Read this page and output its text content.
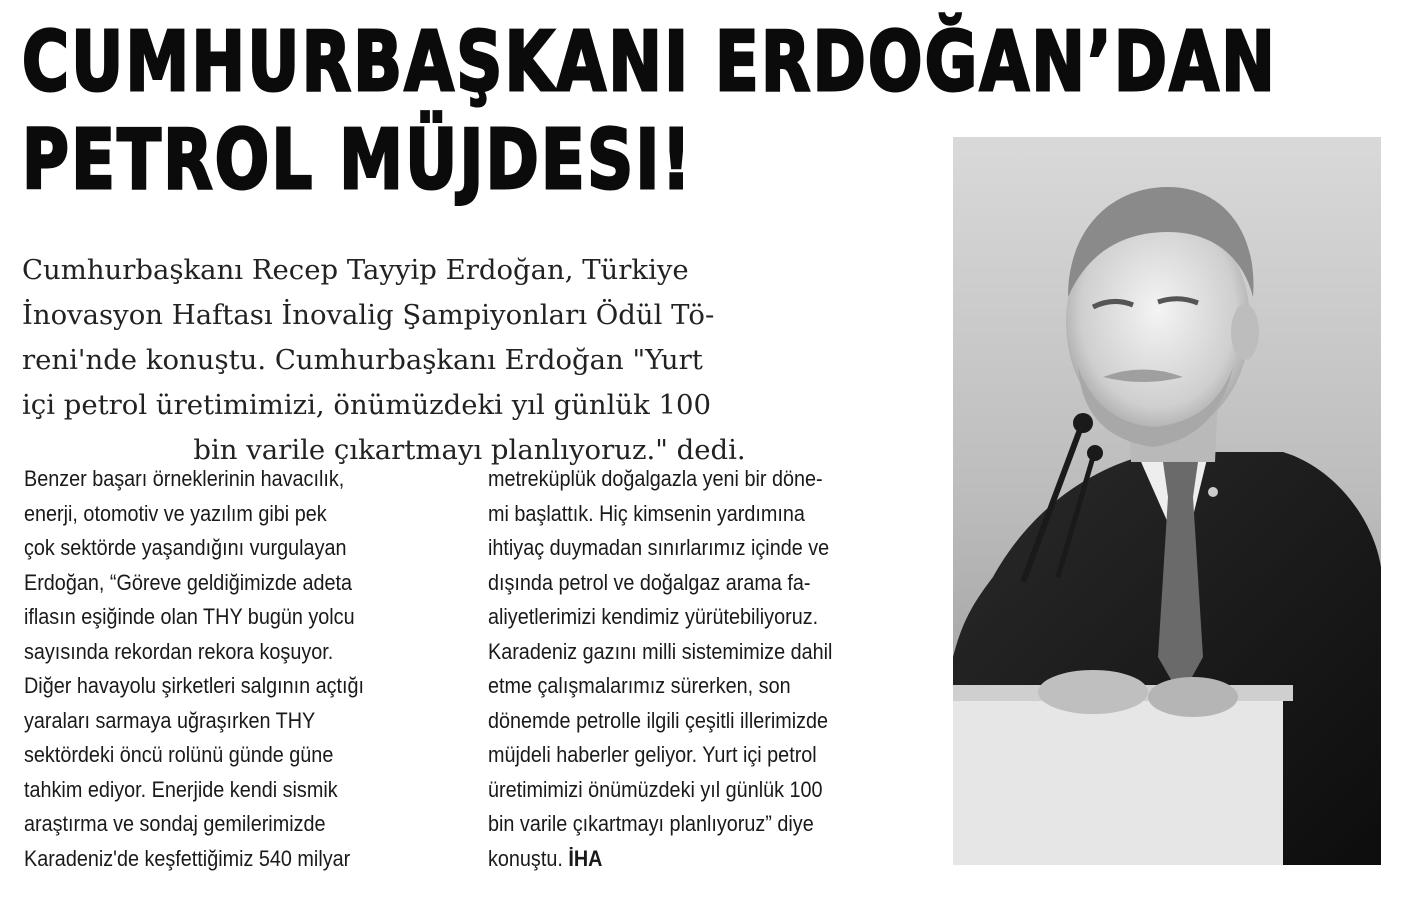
CUMHURBAŞKANI ERDOĞAN’DAN
PETROL MÜJDESI!
Cumhurbaşkanı Recep Tayyip Erdoğan, Türkiye
İnovasyon Haftası İnovalig Şampiyonları Ödül Tö-
reni'nde konuştu. Cumhurbaşkanı Erdoğan "Yurt
içi petrol üretimimizi, önümüzdeki yıl günlük 100
bin varile çıkartmayı planlıyoruz." dedi.
Benzer başarı örneklerinin havacılık,
enerji, otomotiv ve yazılım gibi pek
çok sektörde yaşandığını vurgulayan
Erdoğan, “Göreve geldiğimizde adeta
iflasın eşiğinde olan THY bugün yolcu
sayısında rekordan rekora koşuyor.
Diğer havayolu şirketleri salgının açtığı
yaraları sarmaya uğraşırken THY
sektördeki öncü rolünü günde güne
tahkim ediyor. Enerjide kendi sismik
araştırma ve sondaj gemilerimizde
Karadeniz'de keşfettiğimiz 540 milyar
metreküplük doğalgazla yeni bir döne-
mi başlattık. Hiç kimsenin yardımına
ihtiyaç duymadan sınırlarımız içinde ve
dışında petrol ve doğalgaz arama fa-
aliyetlerimizi kendimiz yürütebiliyoruz.
Karadeniz gazını milli sistemimize dahil
etme çalışmalarımız sürerken, son
dönemde petrolle ilgili çeşitli illerimizde
müjdeli haberler geliyor. Yurt içi petrol
üretimimizi önümüzdeki yıl günlük 100
bin varile çıkartmayı planlıyoruz” diye
konuştu. İHA
